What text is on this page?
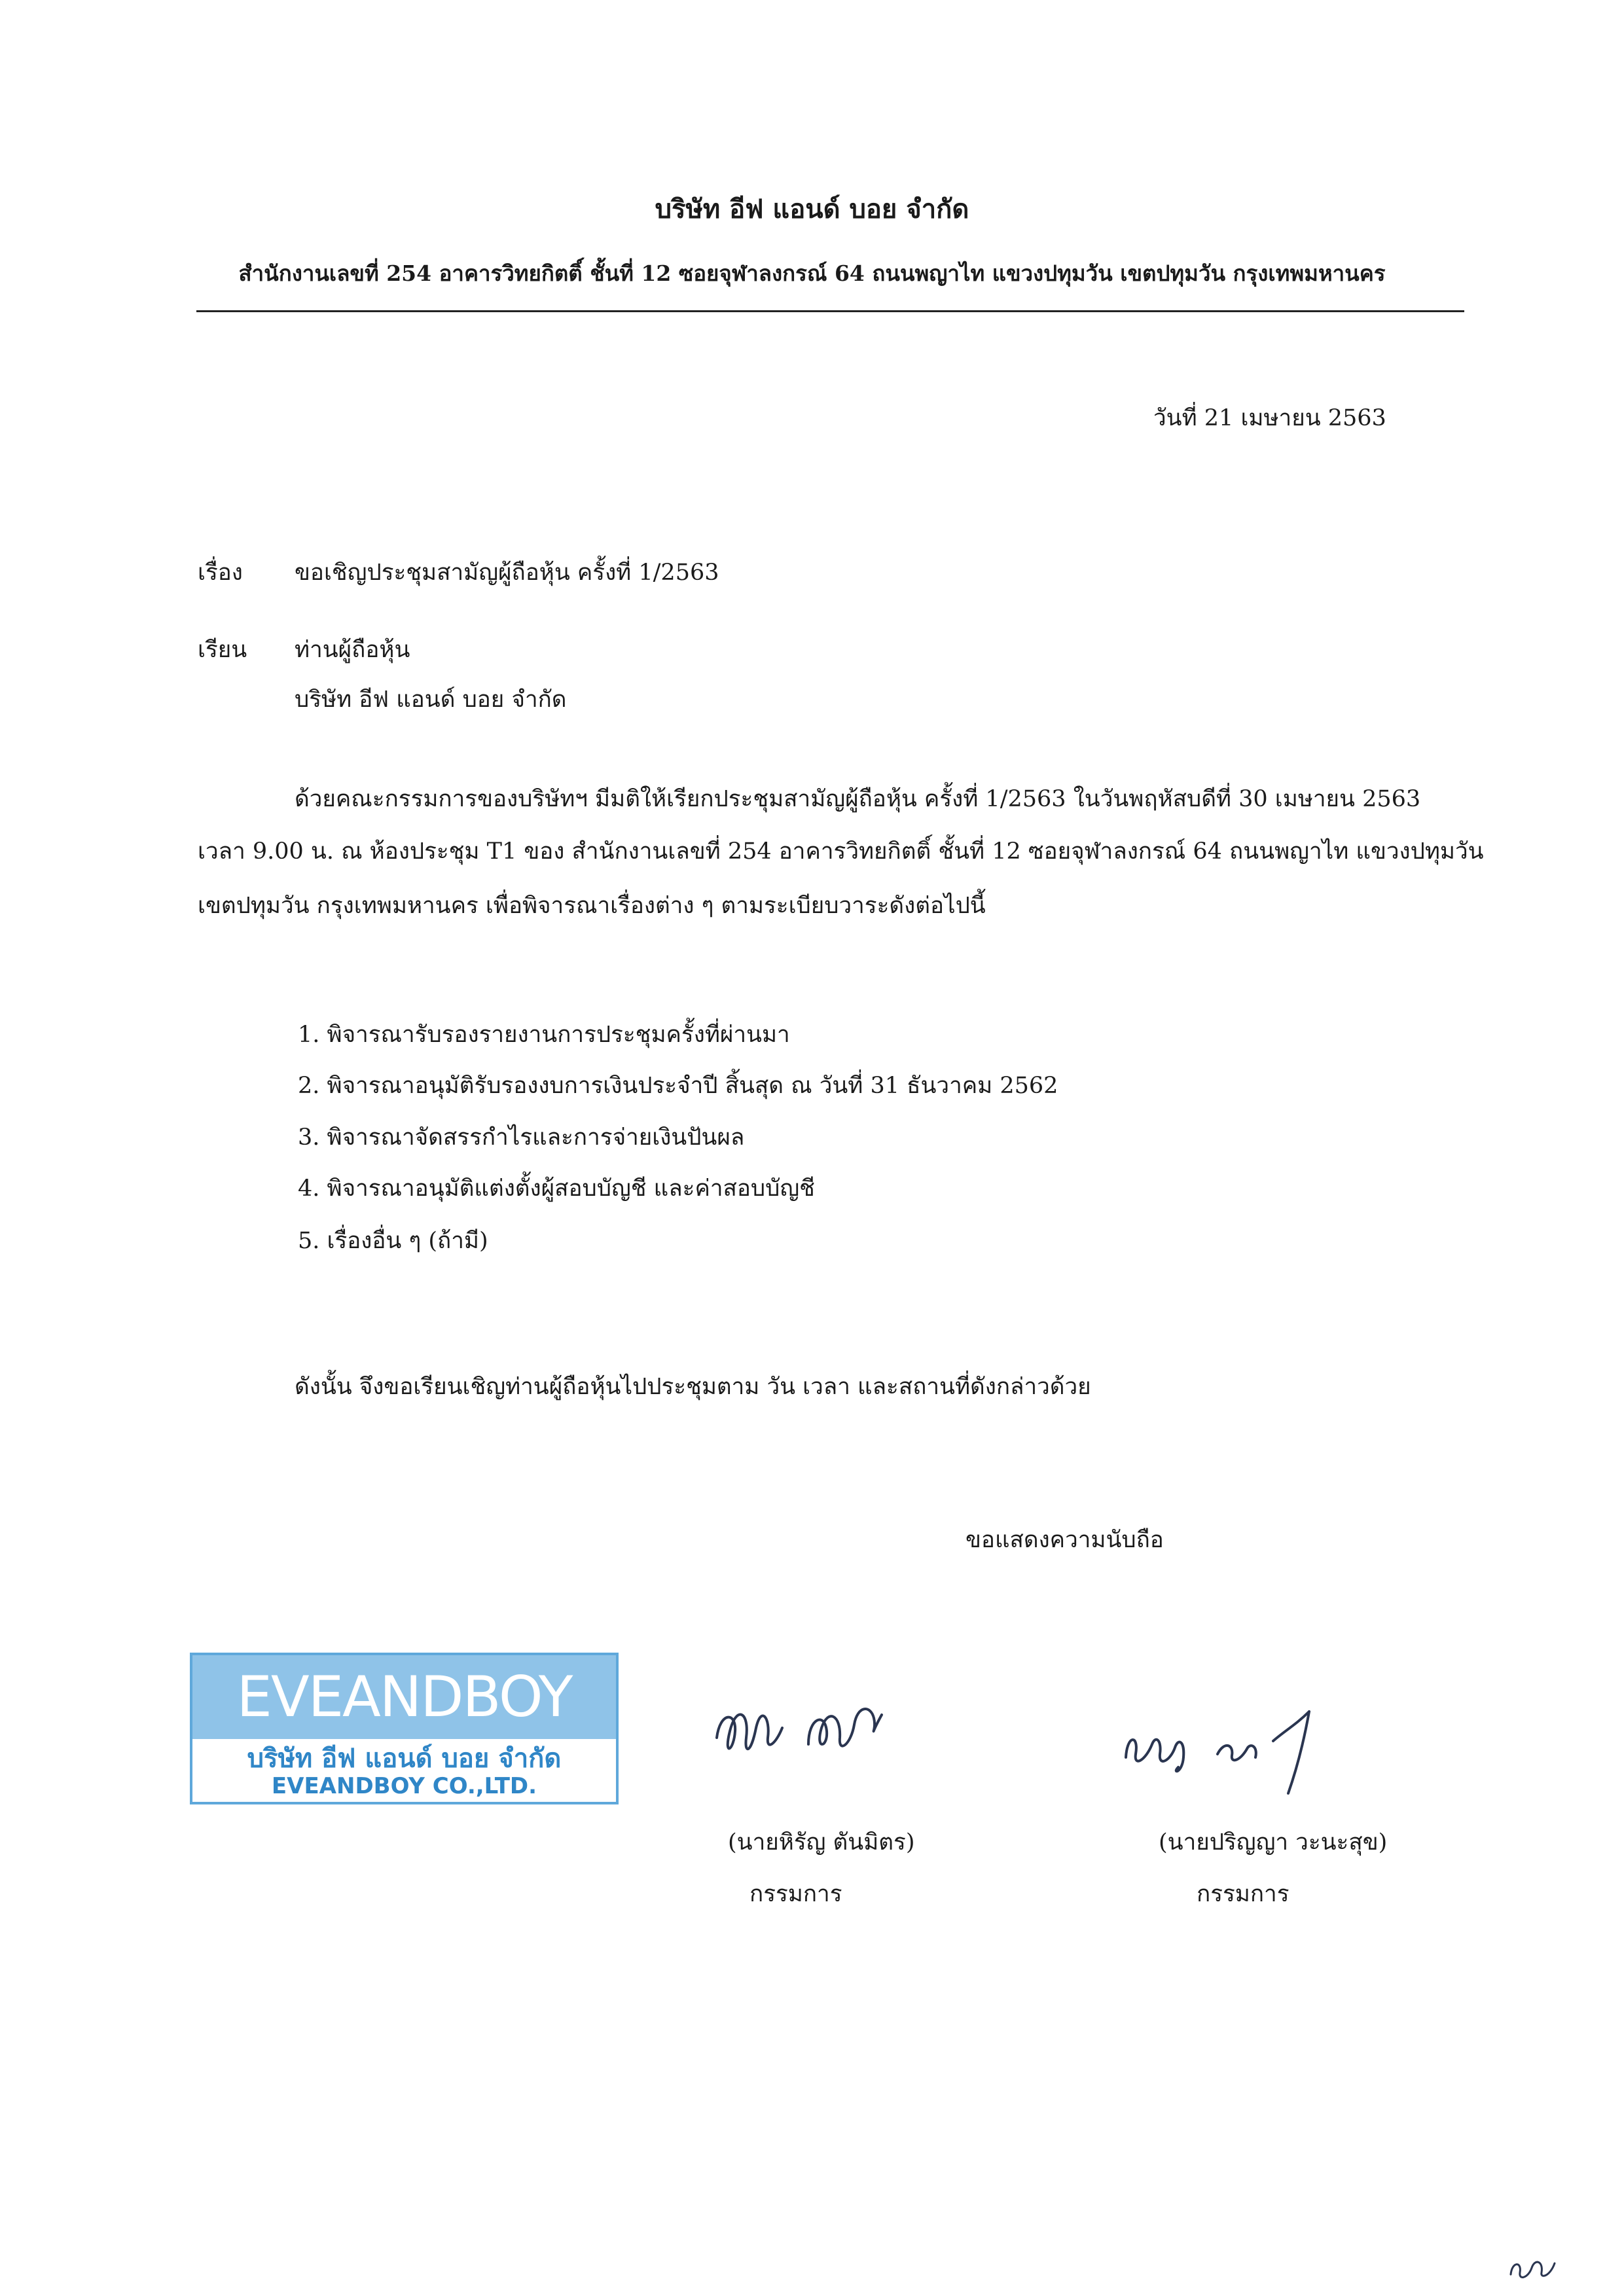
บริษัท อีฟ แอนด์ บอย จำกัด
สำนักงานเลขที่ 254 อาคารวิทยกิตติ์ ชั้นที่ 12 ซอยจุฬาลงกรณ์ 64 ถนนพญาไท แขวงปทุมวัน เขตปทุมวัน กรุงเทพมหานคร
วันที่ 21 เมษายน 2563
เรื่อง ขอเชิญประชุมสามัญผู้ถือหุ้น ครั้งที่ 1/2563
เรียน ท่านผู้ถือหุ้น
บริษัท อีฟ แอนด์ บอย จำกัด
ด้วยคณะกรรมการของบริษัทฯ มีมติให้เรียกประชุมสามัญผู้ถือหุ้น ครั้งที่ 1/2563 ในวันพฤหัสบดีที่ 30 เมษายน 2563
เวลา 9.00 น. ณ ห้องประชุม T1 ของ สำนักงานเลขที่ 254 อาคารวิทยกิตติ์ ชั้นที่ 12 ซอยจุฬาลงกรณ์ 64 ถนนพญาไท แขวงปทุมวัน
เขตปทุมวัน กรุงเทพมหานคร เพื่อพิจารณาเรื่องต่าง ๆ ตามระเบียบวาระดังต่อไปนี้
1. พิจารณารับรองรายงานการประชุมครั้งที่ผ่านมา
2. พิจารณาอนุมัติรับรองงบการเงินประจำปี สิ้นสุด ณ วันที่ 31 ธันวาคม 2562
3. พิจารณาจัดสรรกำไรและการจ่ายเงินปันผล
4. พิจารณาอนุมัติแต่งตั้งผู้สอบบัญชี และค่าสอบบัญชี
5. เรื่องอื่น ๆ (ถ้ามี)
ดังนั้น จึงขอเรียนเชิญท่านผู้ถือหุ้นไปประชุมตาม วัน เวลา และสถานที่ดังกล่าวด้วย
ขอแสดงความนับถือ
EVEANDBOY
บริษัท อีฟ แอนด์ บอย จำกัด
EVEANDBOY CO.,LTD.
(นายหิรัญ ตันมิตร)
กรรมการ
(นายปริญญา วะนะสุข)
กรรมการ
